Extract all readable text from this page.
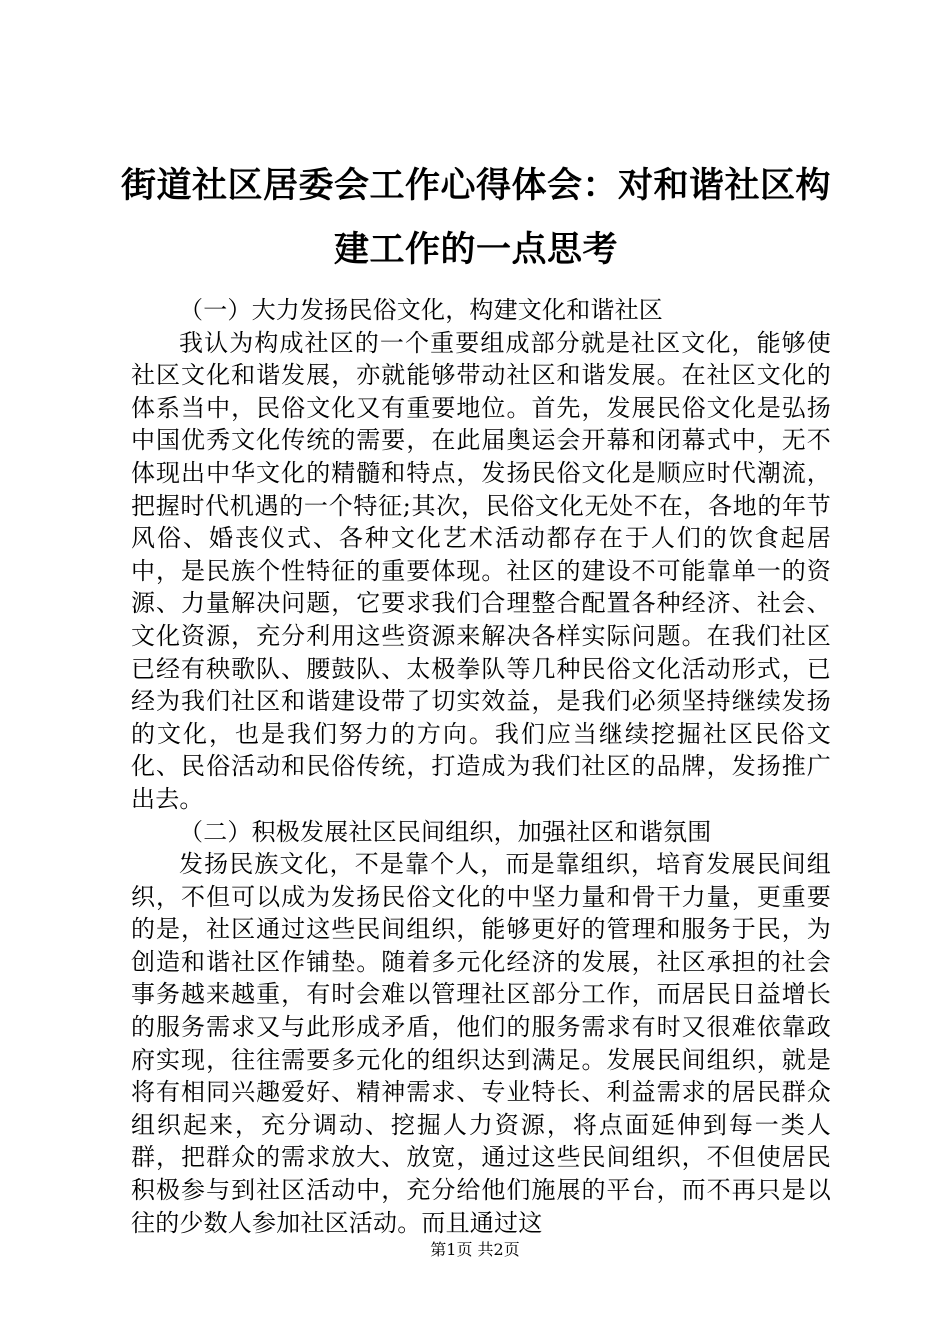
街道社区居委会工作心得体会：对和谐社区构建工作的一点思考

（一）大力发扬民俗文化，构建文化和谐社区

我认为构成社区的一个重要组成部分就是社区文化，能够使社区文化和谐发展，亦就能够带动社区和谐发展。在社区文化的体系当中，民俗文化又有重要地位。首先，发展民俗文化是弘扬中国优秀文化传统的需要，在此届奥运会开幕和闭幕式中，无不体现出中华文化的精髓和特点，发扬民俗文化是顺应时代潮流，把握时代机遇的一个特征;其次，民俗文化无处不在，各地的年节风俗、婚丧仪式、各种文化艺术活动都存在于人们的饮食起居中，是民族个性特征的重要体现。社区的建设不可能靠单一的资源、力量解决问题，它要求我们合理整合配置各种经济、社会、文化资源，充分利用这些资源来解决各样实际问题。在我们社区已经有秧歌队、腰鼓队、太极拳队等几种民俗文化活动形式，已经为我们社区和谐建设带了切实效益，是我们必须坚持继续发扬的文化，也是我们努力的方向。我们应当继续挖掘社区民俗文化、民俗活动和民俗传统，打造成为我们社区的品牌，发扬推广出去。

（二）积极发展社区民间组织，加强社区和谐氛围

发扬民族文化，不是靠个人，而是靠组织，培育发展民间组织，不但可以成为发扬民俗文化的中坚力量和骨干力量，更重要的是，社区通过这些民间组织，能够更好的管理和服务于民，为创造和谐社区作铺垫。随着多元化经济的发展，社区承担的社会事务越来越重，有时会难以管理社区部分工作，而居民日益增长的服务需求又与此形成矛盾，他们的服务需求有时又很难依靠政府实现，往往需要多元化的组织达到满足。发展民间组织，就是将有相同兴趣爱好、精神需求、专业特长、利益需求的居民群众组织起来，充分调动、挖掘人力资源，将点面延伸到每一类人群，把群众的需求放大、放宽，通过这些民间组织，不但使居民积极参与到社区活动中，充分给他们施展的平台，而不再只是以往的少数人参加社区活动。而且通过这

第1页 共2页
